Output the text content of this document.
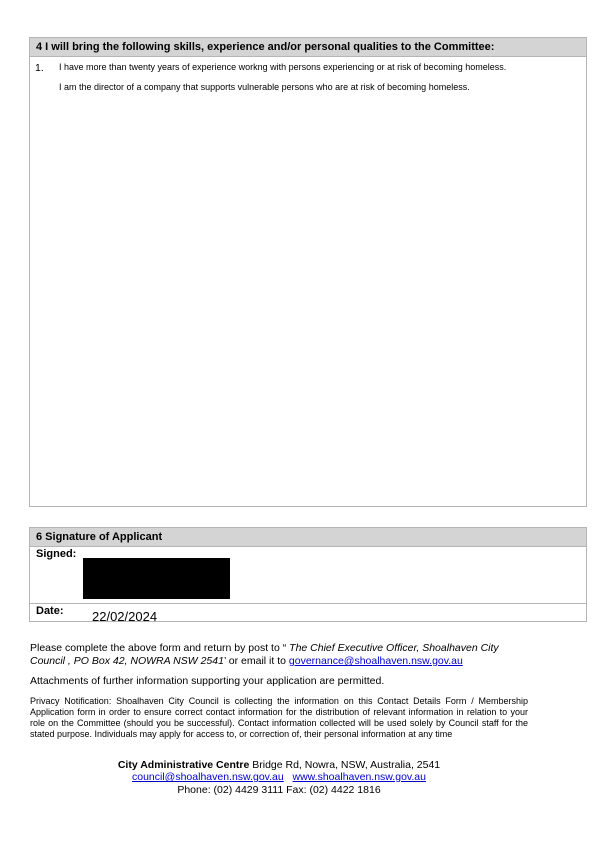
4 I will bring the following skills, experience and/or personal qualities to the Committee:
1. I have more than twenty years of experience workng with persons experiencing or at risk of becoming homeless.
I am the director of a company that supports vulnerable persons who are at risk of becoming homeless.
6 Signature of Applicant
Signed:
Date: 22/02/2024
Please complete the above form and return by post to “ The Chief Executive Officer, Shoalhaven City Council , PO Box 42, NOWRA NSW 2541’ or email it to governance@shoalhaven.nsw.gov.au
Attachments of further information supporting your application are permitted.
Privacy Notification: Shoalhaven City Council is collecting the information on this Contact Details Form / Membership Application form in order to ensure correct contact information for the distribution of relevant information in relation to your role on the Committee (should you be successful). Contact information collected will be used solely by Council staff for the stated purpose. Individuals may apply for access to, or correction of, their personal information at any time
City Administrative Centre Bridge Rd, Nowra, NSW, Australia, 2541
council@shoalhaven.nsw.gov.au www.shoalhaven.nsw.gov.au
Phone: (02) 4429 3111 Fax: (02) 4422 1816
